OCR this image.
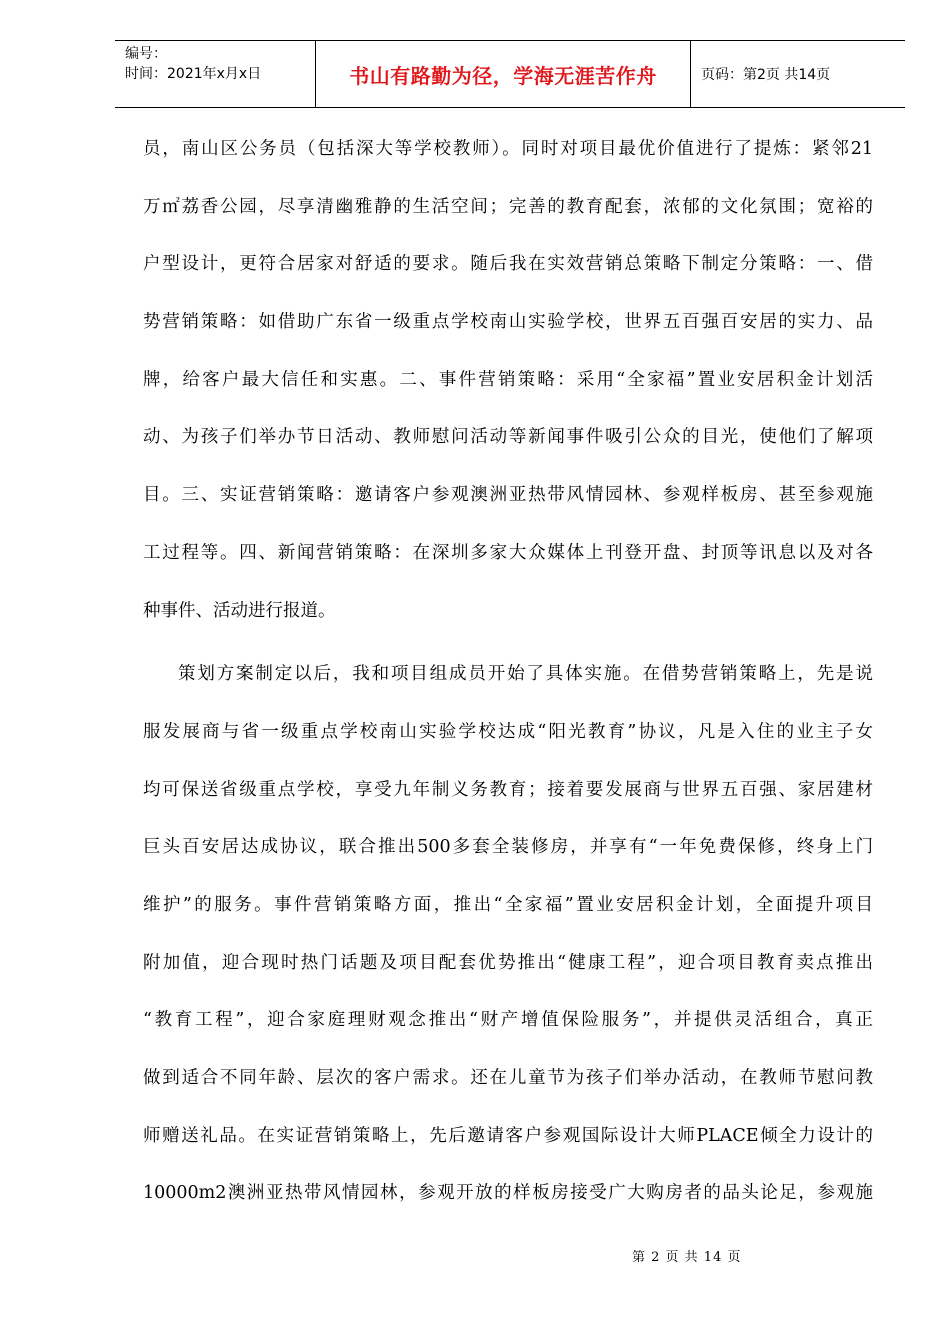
编号：
时间：2021年x月x日	书山有路勤为径，学海无涯苦作舟	页码：第2页 共14页
员，南山区公务员（包括深大等学校教师）。同时对项目最优价值进行了提炼：紧邻21
万㎡荔香公园，尽享清幽雅静的生活空间；完善的教育配套，浓郁的文化氛围；宽裕的
户型设计，更符合居家对舒适的要求。随后我在实效营销总策略下制定分策略：一、借
势营销策略：如借助广东省一级重点学校南山实验学校，世界五百强百安居的实力、品
牌，给客户最大信任和实惠。二、事件营销策略：采用“全家福”置业安居积金计划活
动、为孩子们举办节日活动、教师慰问活动等新闻事件吸引公众的目光，使他们了解项
目。三、实证营销策略：邀请客户参观澳洲亚热带风情园林、参观样板房、甚至参观施
工过程等。四、新闻营销策略：在深圳多家大众媒体上刊登开盘、封顶等讯息以及对各
种事件、活动进行报道。
策划方案制定以后，我和项目组成员开始了具体实施。在借势营销策略上，先是说
服发展商与省一级重点学校南山实验学校达成“阳光教育”协议，凡是入住的业主子女
均可保送省级重点学校，享受九年制义务教育；接着要发展商与世界五百强、家居建材
巨头百安居达成协议，联合推出500多套全装修房，并享有“一年免费保修，终身上门
维护”的服务。事件营销策略方面，推出“全家福”置业安居积金计划，全面提升项目
附加值，迎合现时热门话题及项目配套优势推出“健康工程”，迎合项目教育卖点推出
“教育工程”，迎合家庭理财观念推出“财产增值保险服务”，并提供灵活组合，真正
做到适合不同年龄、层次的客户需求。还在儿童节为孩子们举办活动，在教师节慰问教
师赠送礼品。在实证营销策略上，先后邀请客户参观国际设计大师PLACE倾全力设计的
10000m2澳洲亚热带风情园林，参观开放的样板房接受广大购房者的品头论足，参观施
第 2 页 共 14 页
